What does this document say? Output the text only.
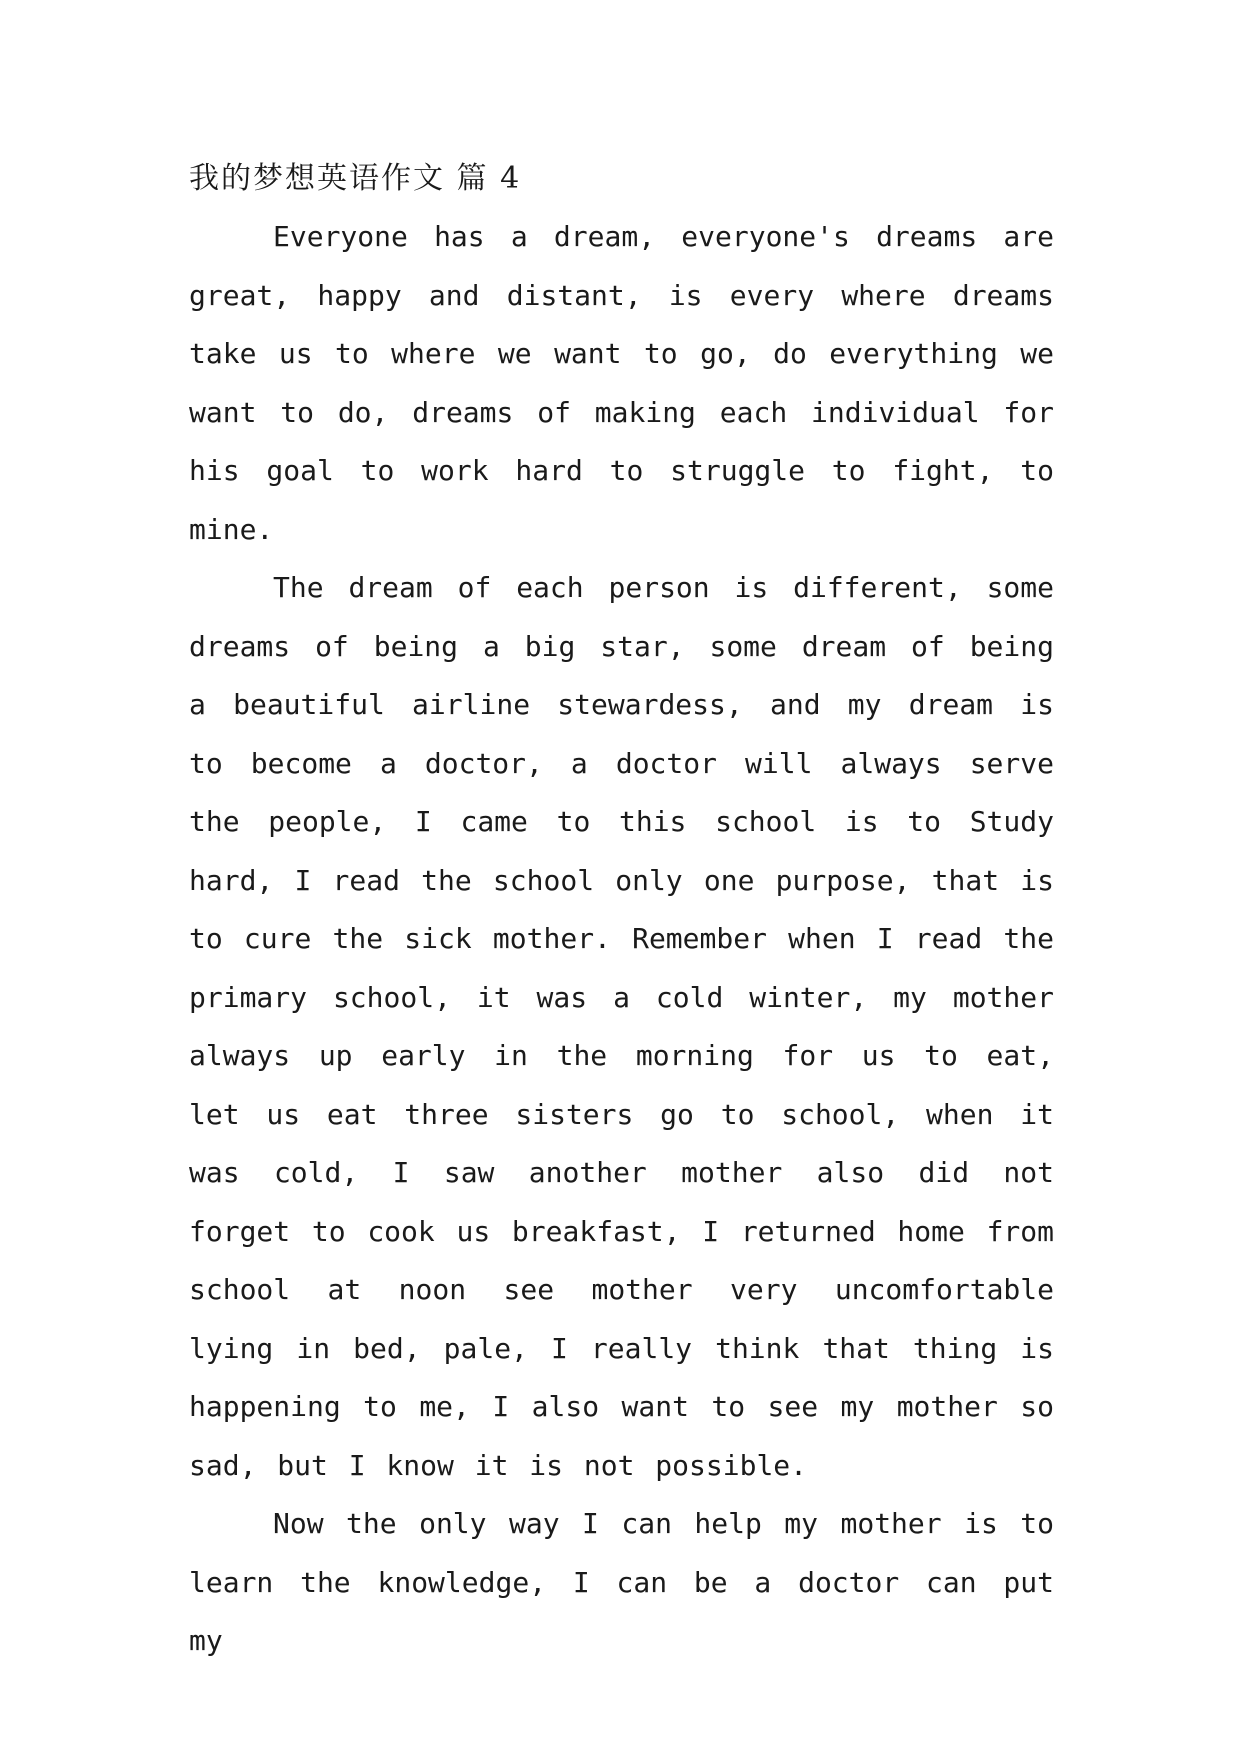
我的梦想英语作文 篇 4

Everyone has a dream, everyone's dreams are great, happy and distant, is every where dreams take us to where we want to go, do everything we want to do, dreams of making each individual for his goal to work hard to struggle to fight, to mine.

The dream of each person is different, some dreams of being a big star, some dream of being a beautiful airline stewardess, and my dream is to become a doctor, a doctor will always serve the people, I came to this school is to Study hard, I read the school only one purpose, that is to cure the sick mother. Remember when I read the primary school, it was a cold winter, my mother always up early in the morning for us to eat, let us eat three sisters go to school, when it was cold, I saw another mother also did not forget to cook us breakfast, I returned home from school at noon see mother very uncomfortable lying in bed, pale, I really think that thing is happening to me, I also want to see my mother so sad, but I know it is not possible.

Now the only way I can help my mother is to learn the knowledge, I can be a doctor can put my
